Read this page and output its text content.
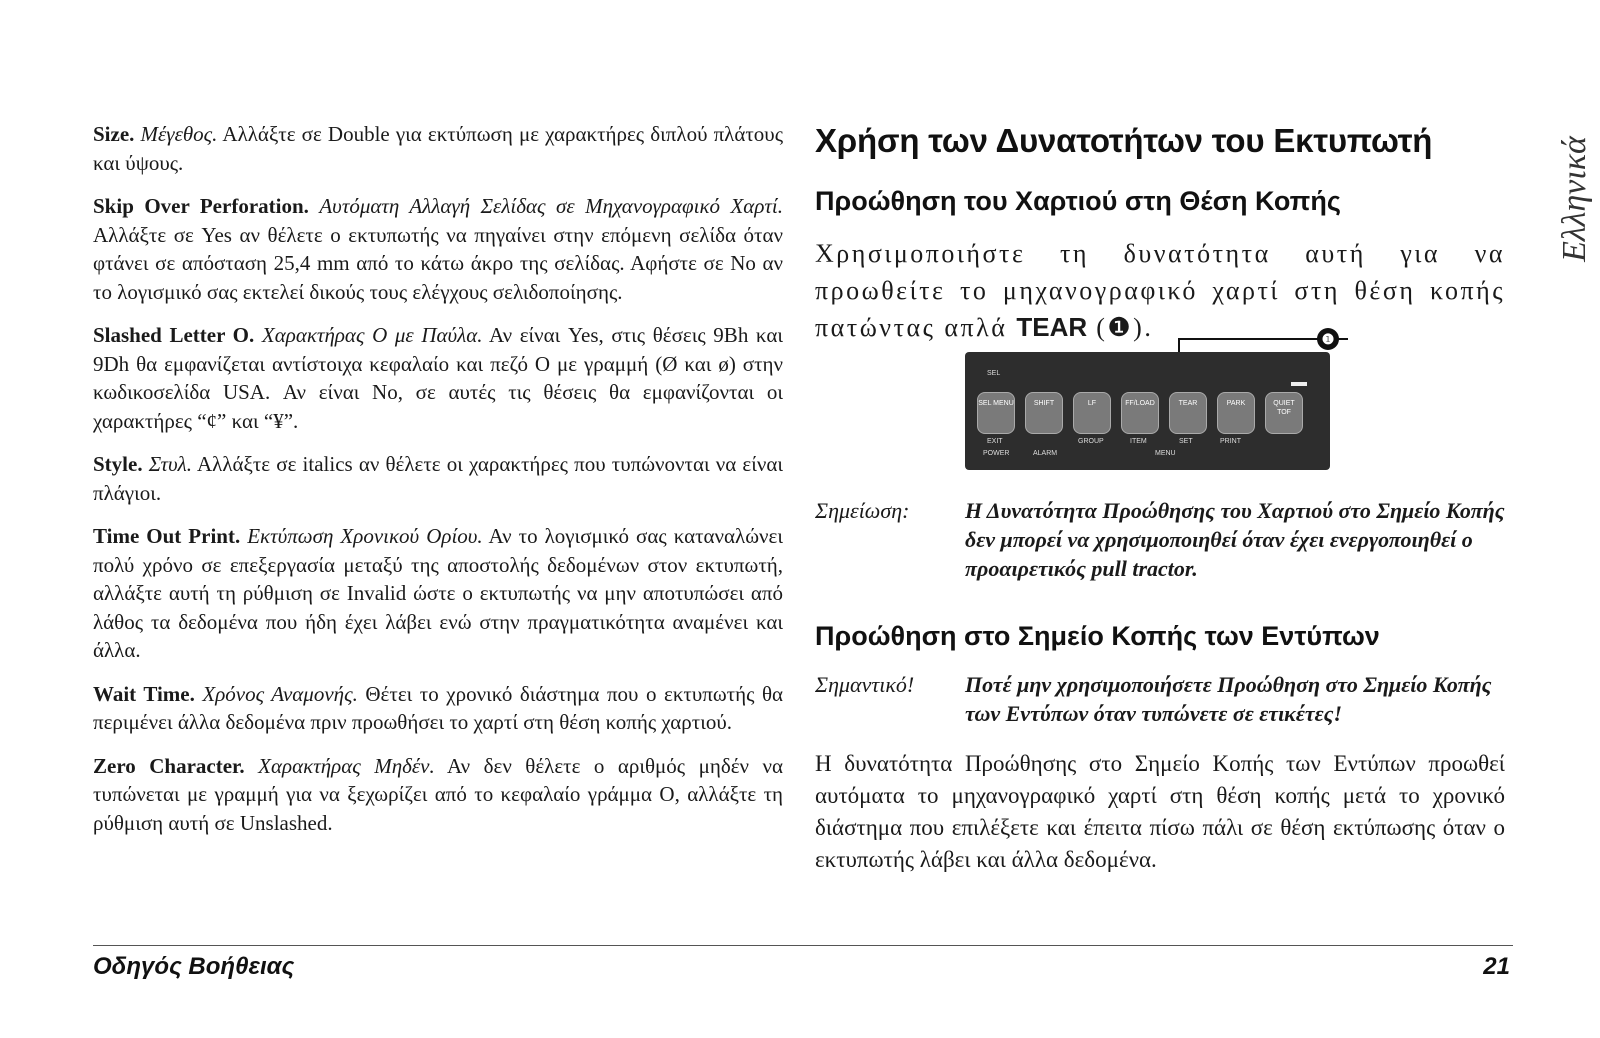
Size. Μέγεθος. Αλλάξτε σε Double για εκτύπωση με χαρακτήρες διπλού πλάτους και ύψους.

Skip Over Perforation. Αυτόματη Αλλαγή Σελίδας σε Μηχανογραφικό Χαρτί. Αλλάξτε σε Yes αν θέλετε ο εκτυπωτής να πηγαίνει στην επόμενη σελίδα όταν φτάνει σε απόσταση 25,4 mm από το κάτω άκρο της σελίδας. Αφήστε σε No αν το λογισμικό σας εκτελεί δικούς τους ελέγχους σελιδοποίησης.

Slashed Letter O. Χαρακτήρας O με Παύλα. Αν είναι Yes, στις θέσεις 9Bh και 9Dh θα εμφανίζεται αντίστοιχα κεφαλαίο και πεζό O με γραμμή (Ø και ø) στην κωδικοσελίδα USA. Αν είναι No, σε αυτές τις θέσεις θα εμφανίζονται οι χαρακτήρες “¢” και “¥”.

Style. Στυλ. Αλλάξτε σε italics αν θέλετε οι χαρακτήρες που τυπώνονται να είναι πλάγιοι.

Time Out Print. Εκτύπωση Χρονικού Ορίου. Αν το λογισμικό σας καταναλώνει πολύ χρόνο σε επεξεργασία μεταξύ της αποστολής δεδομένων στον εκτυπωτή, αλλάξτε αυτή τη ρύθμιση σε Invalid ώστε ο εκτυπωτής να μην αποτυπώσει από λάθος τα δεδομένα που ήδη έχει λάβει ενώ στην πραγματικότητα αναμένει και άλλα.

Wait Time. Χρόνος Αναμονής. Θέτει το χρονικό διάστημα που ο εκτυπωτής θα περιμένει άλλα δεδομένα πριν προωθήσει το χαρτί στη θέση κοπής χαρτιού.

Zero Character. Χαρακτήρας Μηδέν. Αν δεν θέλετε ο αριθμός μηδέν να τυπώνεται με γραμμή για να ξεχωρίζει από το κεφαλαίο γράμμα O, αλλάξτε τη ρύθμιση αυτή σε Unslashed.

Χρήση των Δυνατοτήτων του Εκτυπωτή
Προώθηση του Χαρτιού στη Θέση Κοπής

Χρησιμοποιήστε τη δυνατότητα αυτή για να προωθείτε το μηχανογραφικό χαρτί στη θέση κοπής πατώντας απλά TEAR (❶).

Σημείωση:	Η Δυνατότητα Προώθησης του Χαρτιού στο Σημείο Κοπής δεν μπορεί να χρησιμοποιηθεί όταν έχει ενεργοποιηθεί ο προαιρετικός pull tractor.
Προώθηση στο Σημείο Κοπής των Εντύπων
Σημαντικό!	Ποτέ μην χρησιμοποιήσετε Προώθηση στο Σημείο Κοπής των Εντύπων όταν τυπώνετε σε ετικέτες!

Η δυνατότητα Προώθησης στο Σημείο Κοπής των Εντύπων προωθεί αυτόματα το μηχανογραφικό χαρτί στη θέση κοπής μετά το χρονικό διάστημα που επιλέξετε και έπειτα πίσω πάλι σε θέση εκτύπωσης όταν ο εκτυπωτής λάβει και άλλα δεδομένα.

❶
SEL
SEL MENU	SHIFT	LF	FF/LOAD	TEAR	PARK	QUIET TOF
EXIT
POWER	ALARM
GROUP	ITEM	SET	PRINT
MENU
Ελληνικά
Οδηγός Βοήθειας	21
